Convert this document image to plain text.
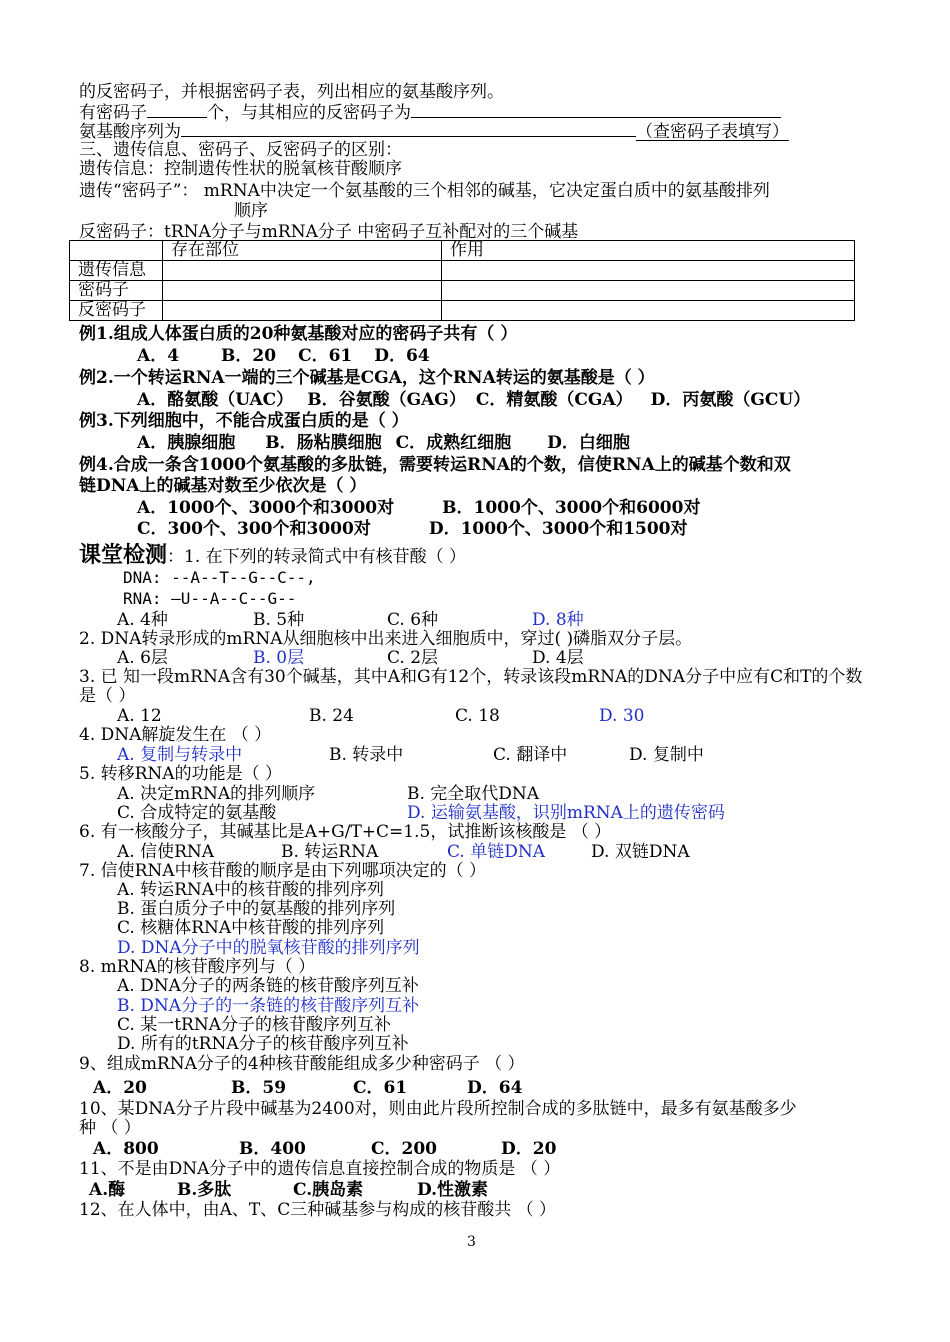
的反密码子，并根据密码子表，列出相应的氨基酸序列。
有密码子	个，与其相应的反密码子为
氨基酸序列为	（查密码子表填写）
三、遗传信息、密码子、反密码子的区别：
遗传信息：控制遗传性状的脱氧核苷酸顺序
遗传“密码子”： mRNA中决定一个氨基酸的三个相邻的碱基，它决定蛋白质中的氨基酸排列
顺序
反密码子：tRNA分子与mRNA分子 中密码子互补配对的三个碱基
	存在部位	作用
遗传信息		
密码子		
反密码子		
例1.组成人体蛋白质的20种氨基酸对应的密码子共有（ ）
A．4 B．20 C．61 D．64
例2.一个转运RNA一端的三个碱基是CGA，这个RNA转运的氨基酸是（ ）
A．酪氨酸（UAC） B．谷氨酸（GAG） C．精氨酸（CGA） D．丙氨酸（GCU）
例3.下列细胞中，不能合成蛋白质的是（ ）
A．胰腺细胞 B．肠粘膜细胞 C．成熟红细胞 D．白细胞
例4.合成一条含1000个氨基酸的多肽链，需要转运RNA的个数，信使RNA上的碱基个数和双
链DNA上的碱基对数至少依次是（ ）
A．1000个、3000个和3000对	B．1000个、3000个和6000对
C．300个、300个和3000对	D．1000个、3000个和1500对
课堂检测：1. 在下列的转录简式中有核苷酸（ ）
DNA: --A--T--G--C--,
RNA: —U--A--C--G--
A. 4种	B. 5种	C. 6种	D. 8种
2. DNA转录形成的mRNA从细胞核中出来进入细胞质中，穿过( )磷脂双分子层。
A. 6层	B. 0层	C. 2层	D. 4层
3. 已 知一段mRNA含有30个碱基，其中A和G有12个，转录该段mRNA的DNA分子中应有C和T的个数
是（ ）
A. 12	B. 24	C. 18	D. 30
4. DNA解旋发生在 （ ）
A. 复制与转录中	B. 转录中	C. 翻译中	D. 复制中
5. 转移RNA的功能是（ ）
A. 决定mRNA的排列顺序	B. 完全取代DNA
C. 合成特定的氨基酸	D. 运输氨基酸，识别mRNA上的遗传密码
6. 有一核酸分子，其碱基比是A+G/T+C=1.5，试推断该核酸是 （ ）
A. 信使RNA	B. 转运RNA	C. 单链DNA	D. 双链DNA
7. 信使RNA中核苷酸的顺序是由下列哪项决定的（ ）
A. 转运RNA中的核苷酸的排列序列
B. 蛋白质分子中的氨基酸的排列序列
C. 核糖体RNA中核苷酸的排列序列
D. DNA分子中的脱氧核苷酸的排列序列
8. mRNA的核苷酸序列与（ ）
A. DNA分子的两条链的核苷酸序列互补
B. DNA分子的一条链的核苷酸序列互补
C. 某一tRNA分子的核苷酸序列互补
D. 所有的tRNA分子的核苷酸序列互补
9、组成mRNA分子的4种核苷酸能组成多少种密码子 （ ）
A．20	B．59	C．61	D．64
10、某DNA分子片段中碱基为2400对，则由此片段所控制合成的多肽链中，最多有氨基酸多少
种 （ ）
A．800	B．400	C．200	D．20
11、不是由DNA分子中的遗传信息直接控制合成的物质是 （ ）
A.酶	B.多肽	C.胰岛素	D.性激素
12、在人体中，由A、T、C三种碱基参与构成的核苷酸共 （ ）
3
